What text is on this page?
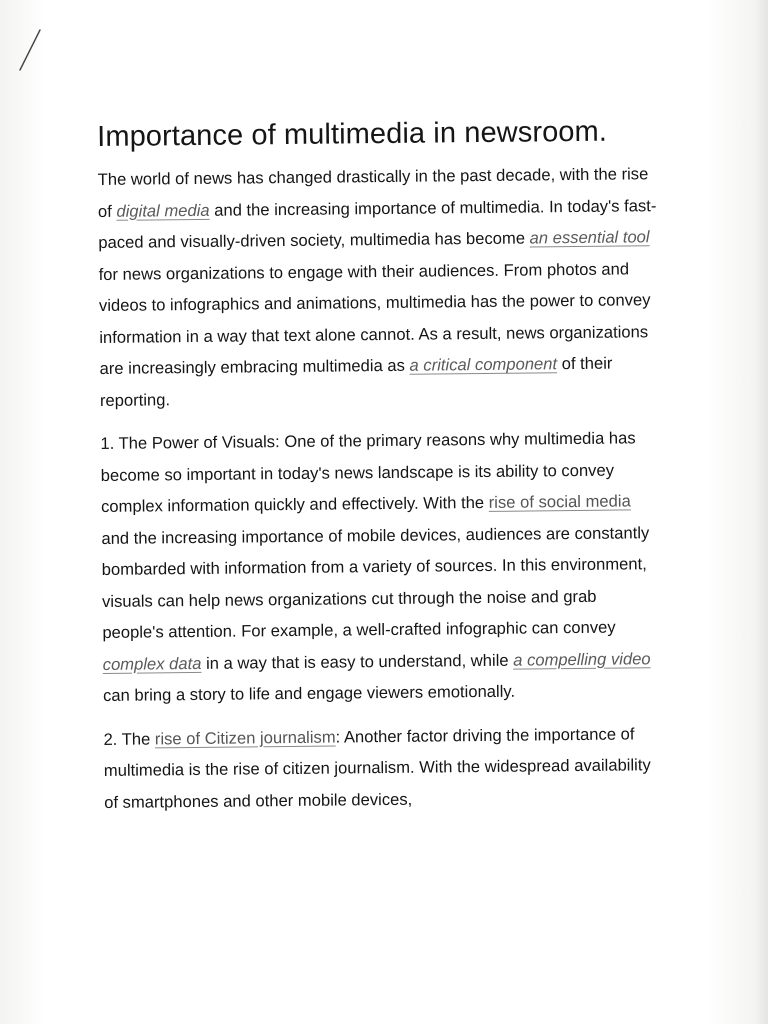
Importance of multimedia in newsroom.

The world of news has changed drastically in the past decade, with the rise of digital media and the increasing importance of multimedia. In today's fast-paced and visually-driven society, multimedia has become an essential tool for news organizations to engage with their audiences. From photos and videos to infographics and animations, multimedia has the power to convey information in a way that text alone cannot. As a result, news organizations are increasingly embracing multimedia as a critical component of their reporting.

1. The Power of Visuals: One of the primary reasons why multimedia has become so important in today's news landscape is its ability to convey complex information quickly and effectively. With the rise of social media and the increasing importance of mobile devices, audiences are constantly bombarded with information from a variety of sources. In this environment, visuals can help news organizations cut through the noise and grab people's attention. For example, a well-crafted infographic can convey complex data in a way that is easy to understand, while a compelling video can bring a story to life and engage viewers emotionally.

2. The rise of Citizen journalism: Another factor driving the importance of multimedia is the rise of citizen journalism. With the widespread availability of smartphones and other mobile devices,
